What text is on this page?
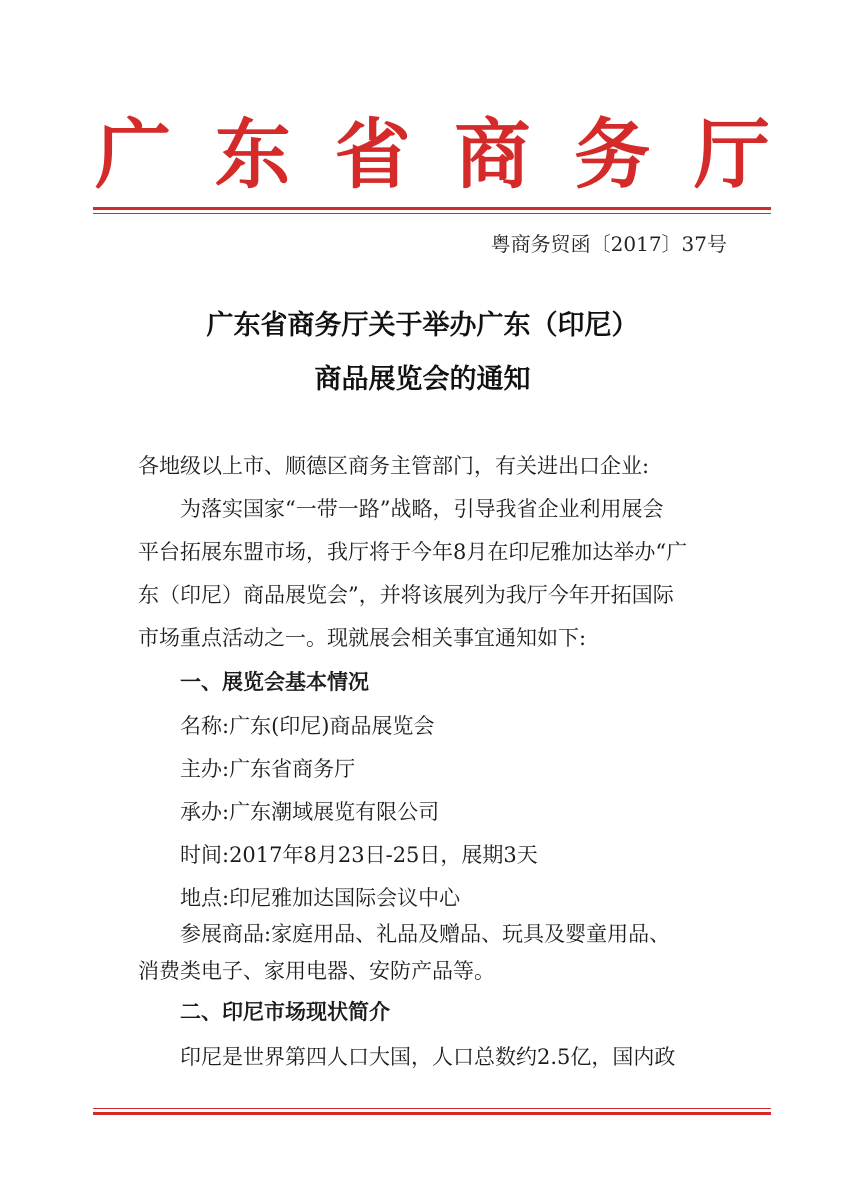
广 东 省 商 务 厅
粤商务贸函〔2017〕37号
广东省商务厅关于举办广东（印尼）
商品展览会的通知
各地级以上市、顺德区商务主管部门，有关进出口企业:
为落实国家“一带一路”战略，引导我省企业利用展会
平台拓展东盟市场，我厅将于今年8月在印尼雅加达举办“广
东（印尼）商品展览会”，并将该展列为我厅今年开拓国际
市场重点活动之一。现就展会相关事宜通知如下:
一、展览会基本情况
名称:广东(印尼)商品展览会
主办:广东省商务厅
承办:广东潮域展览有限公司
时间:2017年8月23日-25日，展期3天
地点:印尼雅加达国际会议中心
参展商品:家庭用品、礼品及赠品、玩具及婴童用品、
消费类电子、家用电器、安防产品等。
二、印尼市场现状简介
印尼是世界第四人口大国，人口总数约2.5亿，国内政
